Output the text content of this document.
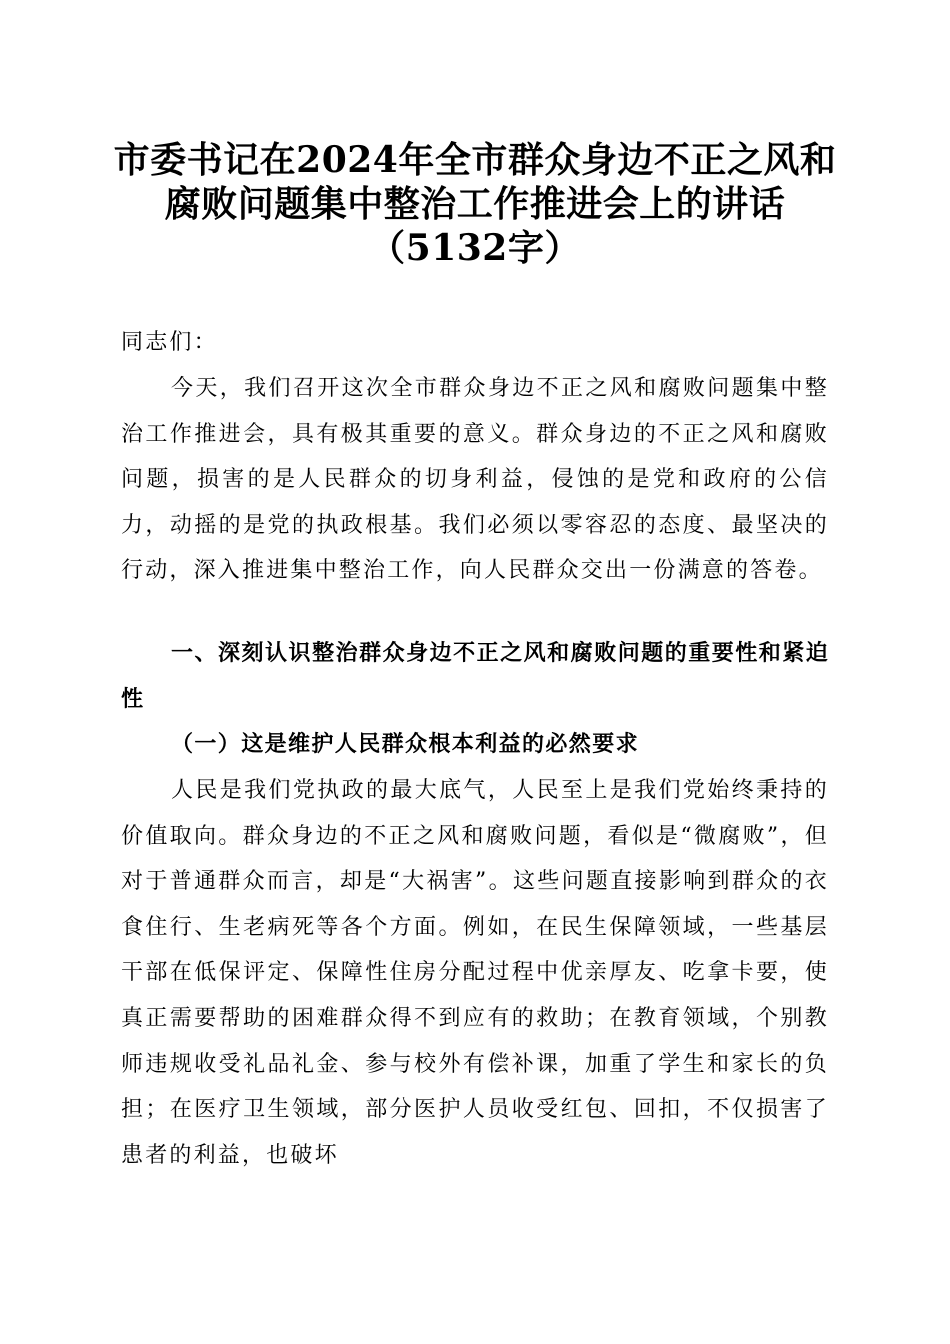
市委书记在2024年全市群众身边不正之风和腐败问题集中整治工作推进会上的讲话（5132字）

同志们：

今天，我们召开这次全市群众身边不正之风和腐败问题集中整治工作推进会，具有极其重要的意义。群众身边的不正之风和腐败问题，损害的是人民群众的切身利益，侵蚀的是党和政府的公信力，动摇的是党的执政根基。我们必须以零容忍的态度、最坚决的行动，深入推进集中整治工作，向人民群众交出一份满意的答卷。

一、深刻认识整治群众身边不正之风和腐败问题的重要性和紧迫性

（一）这是维护人民群众根本利益的必然要求

人民是我们党执政的最大底气，人民至上是我们党始终秉持的价值取向。群众身边的不正之风和腐败问题，看似是“微腐败”，但对于普通群众而言，却是“大祸害”。这些问题直接影响到群众的衣食住行、生老病死等各个方面。例如，在民生保障领域，一些基层干部在低保评定、保障性住房分配过程中优亲厚友、吃拿卡要，使真正需要帮助的困难群众得不到应有的救助；在教育领域，个别教师违规收受礼品礼金、参与校外有偿补课，加重了学生和家长的负担；在医疗卫生领域，部分医护人员收受红包、回扣，不仅损害了患者的利益，也破坏
